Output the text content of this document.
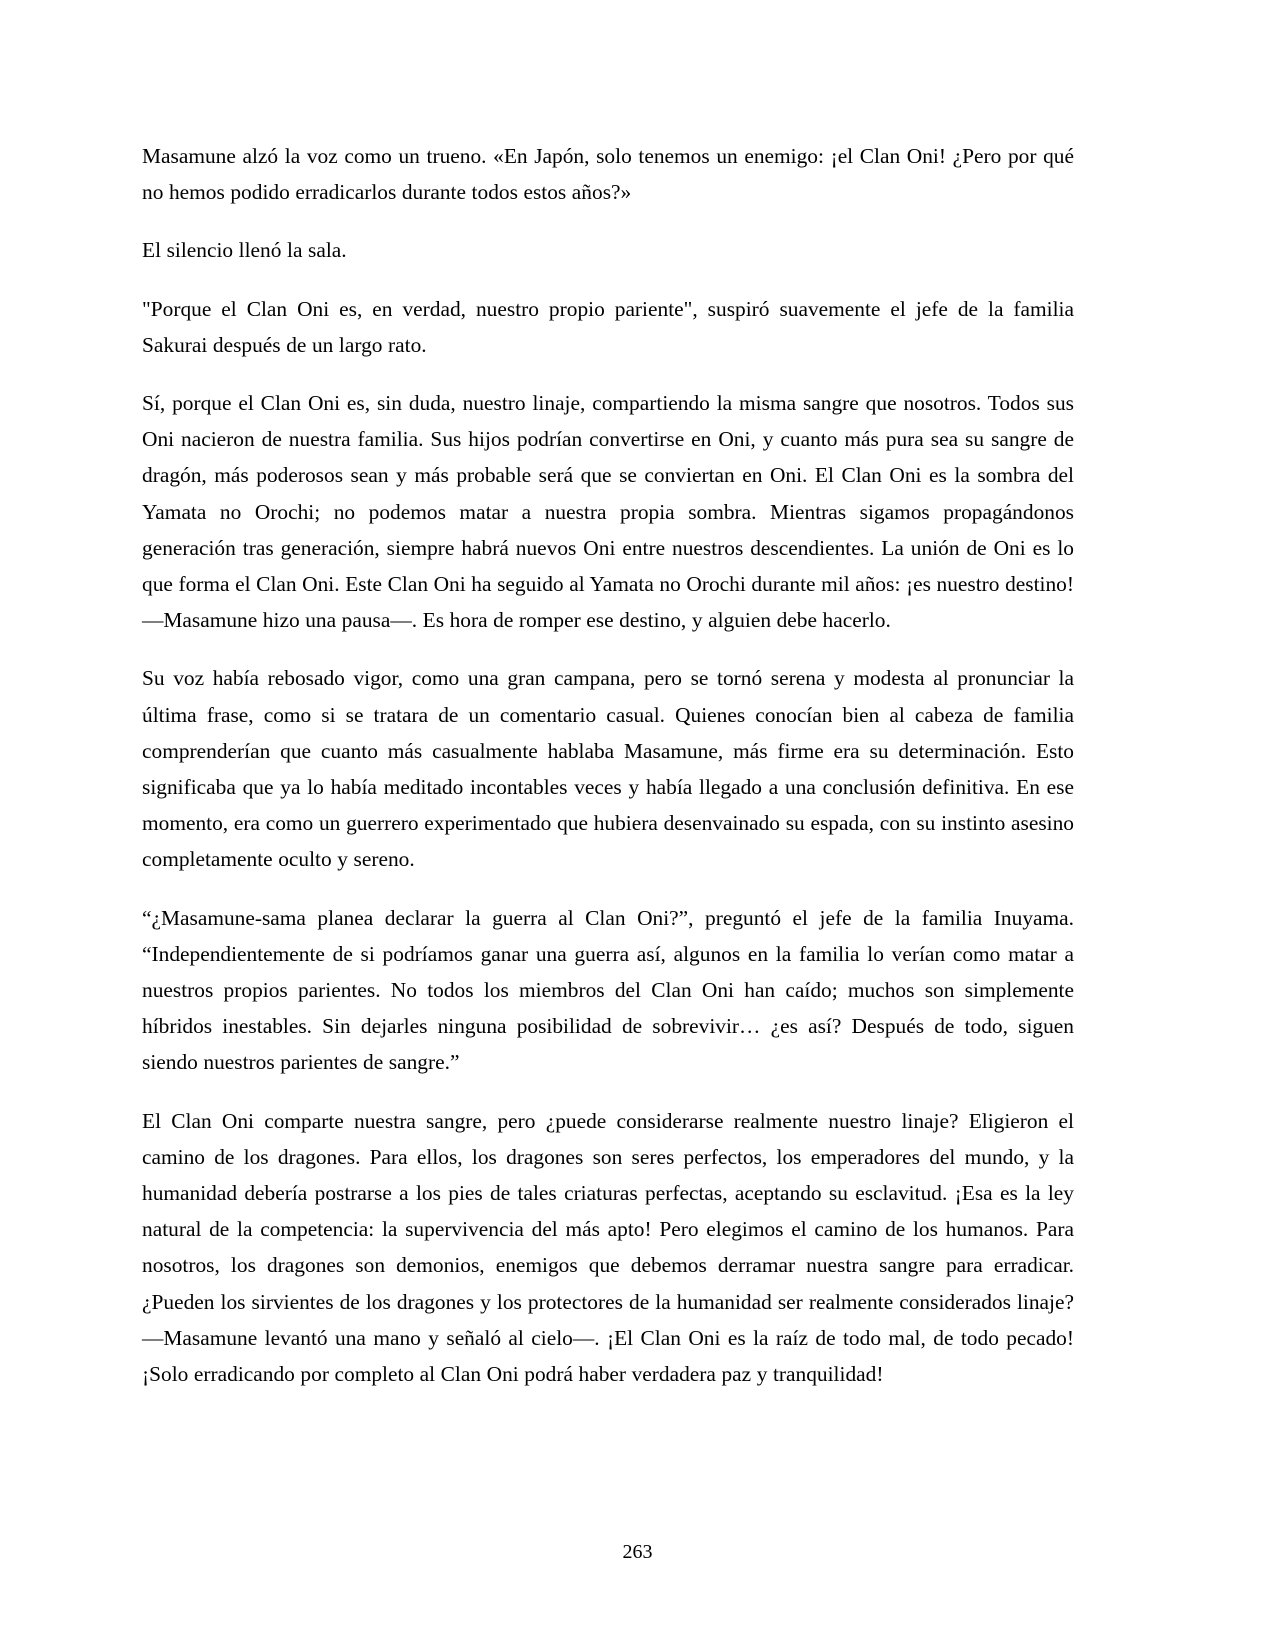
Masamune alzó la voz como un trueno. «En Japón, solo tenemos un enemigo: ¡el Clan Oni! ¿Pero por qué no hemos podido erradicarlos durante todos estos años?»

El silencio llenó la sala.

"Porque el Clan Oni es, en verdad, nuestro propio pariente", suspiró suavemente el jefe de la familia Sakurai después de un largo rato.

Sí, porque el Clan Oni es, sin duda, nuestro linaje, compartiendo la misma sangre que nosotros. Todos sus Oni nacieron de nuestra familia. Sus hijos podrían convertirse en Oni, y cuanto más pura sea su sangre de dragón, más poderosos sean y más probable será que se conviertan en Oni. El Clan Oni es la sombra del Yamata no Orochi; no podemos matar a nuestra propia sombra. Mientras sigamos propagándonos generación tras generación, siempre habrá nuevos Oni entre nuestros descendientes. La unión de Oni es lo que forma el Clan Oni. Este Clan Oni ha seguido al Yamata no Orochi durante mil años: ¡es nuestro destino! —Masamune hizo una pausa—. Es hora de romper ese destino, y alguien debe hacerlo.

Su voz había rebosado vigor, como una gran campana, pero se tornó serena y modesta al pronunciar la última frase, como si se tratara de un comentario casual. Quienes conocían bien al cabeza de familia comprenderían que cuanto más casualmente hablaba Masamune, más firme era su determinación. Esto significaba que ya lo había meditado incontables veces y había llegado a una conclusión definitiva. En ese momento, era como un guerrero experimentado que hubiera desenvainado su espada, con su instinto asesino completamente oculto y sereno.

“¿Masamune-sama planea declarar la guerra al Clan Oni?”, preguntó el jefe de la familia Inuyama. “Independientemente de si podríamos ganar una guerra así, algunos en la familia lo verían como matar a nuestros propios parientes. No todos los miembros del Clan Oni han caído; muchos son simplemente híbridos inestables. Sin dejarles ninguna posibilidad de sobrevivir… ¿es así? Después de todo, siguen siendo nuestros parientes de sangre.”

El Clan Oni comparte nuestra sangre, pero ¿puede considerarse realmente nuestro linaje? Eligieron el camino de los dragones. Para ellos, los dragones son seres perfectos, los emperadores del mundo, y la humanidad debería postrarse a los pies de tales criaturas perfectas, aceptando su esclavitud. ¡Esa es la ley natural de la competencia: la supervivencia del más apto! Pero elegimos el camino de los humanos. Para nosotros, los dragones son demonios, enemigos que debemos derramar nuestra sangre para erradicar. ¿Pueden los sirvientes de los dragones y los protectores de la humanidad ser realmente considerados linaje? —Masamune levantó una mano y señaló al cielo—. ¡El Clan Oni es la raíz de todo mal, de todo pecado! ¡Solo erradicando por completo al Clan Oni podrá haber verdadera paz y tranquilidad!

263
